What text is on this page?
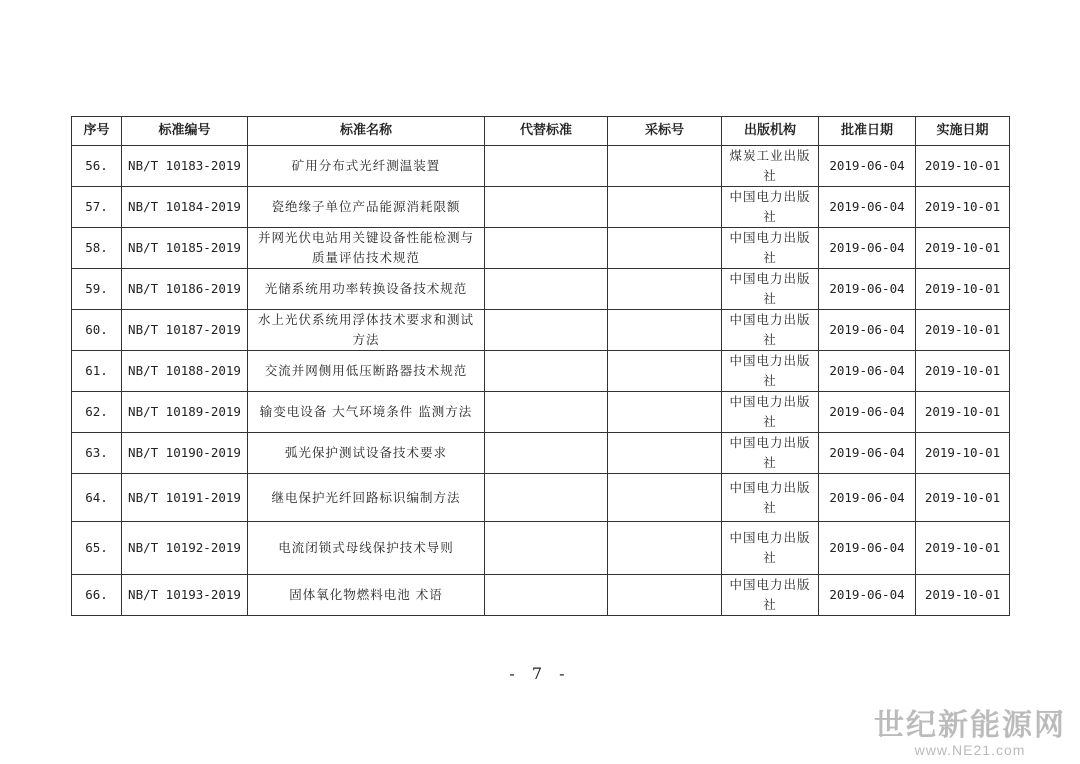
序号	标准编号	标准名称	代替标准	采标号	出版机构	批准日期	实施日期
56.	NB/T 10183-2019	矿用分布式光纤测温装置			煤炭工业出版社	2019-06-04	2019-10-01
57.	NB/T 10184-2019	瓷绝缘子单位产品能源消耗限额			中国电力出版社	2019-06-04	2019-10-01
58.	NB/T 10185-2019	并网光伏电站用关键设备性能检测与质量评估技术规范			中国电力出版社	2019-06-04	2019-10-01
59.	NB/T 10186-2019	光储系统用功率转换设备技术规范			中国电力出版社	2019-06-04	2019-10-01
60.	NB/T 10187-2019	水上光伏系统用浮体技术要求和测试方法			中国电力出版社	2019-06-04	2019-10-01
61.	NB/T 10188-2019	交流并网侧用低压断路器技术规范			中国电力出版社	2019-06-04	2019-10-01
62.	NB/T 10189-2019	输变电设备 大气环境条件 监测方法			中国电力出版社	2019-06-04	2019-10-01
63.	NB/T 10190-2019	弧光保护测试设备技术要求			中国电力出版社	2019-06-04	2019-10-01
64.	NB/T 10191-2019	继电保护光纤回路标识编制方法			中国电力出版社	2019-06-04	2019-10-01
65.	NB/T 10192-2019	电流闭锁式母线保护技术导则			中国电力出版社	2019-06-04	2019-10-01
66.	NB/T 10193-2019	固体氧化物燃料电池 术语			中国电力出版社	2019-06-04	2019-10-01
- 7 -
世纪新能源网
www.NE21.com
